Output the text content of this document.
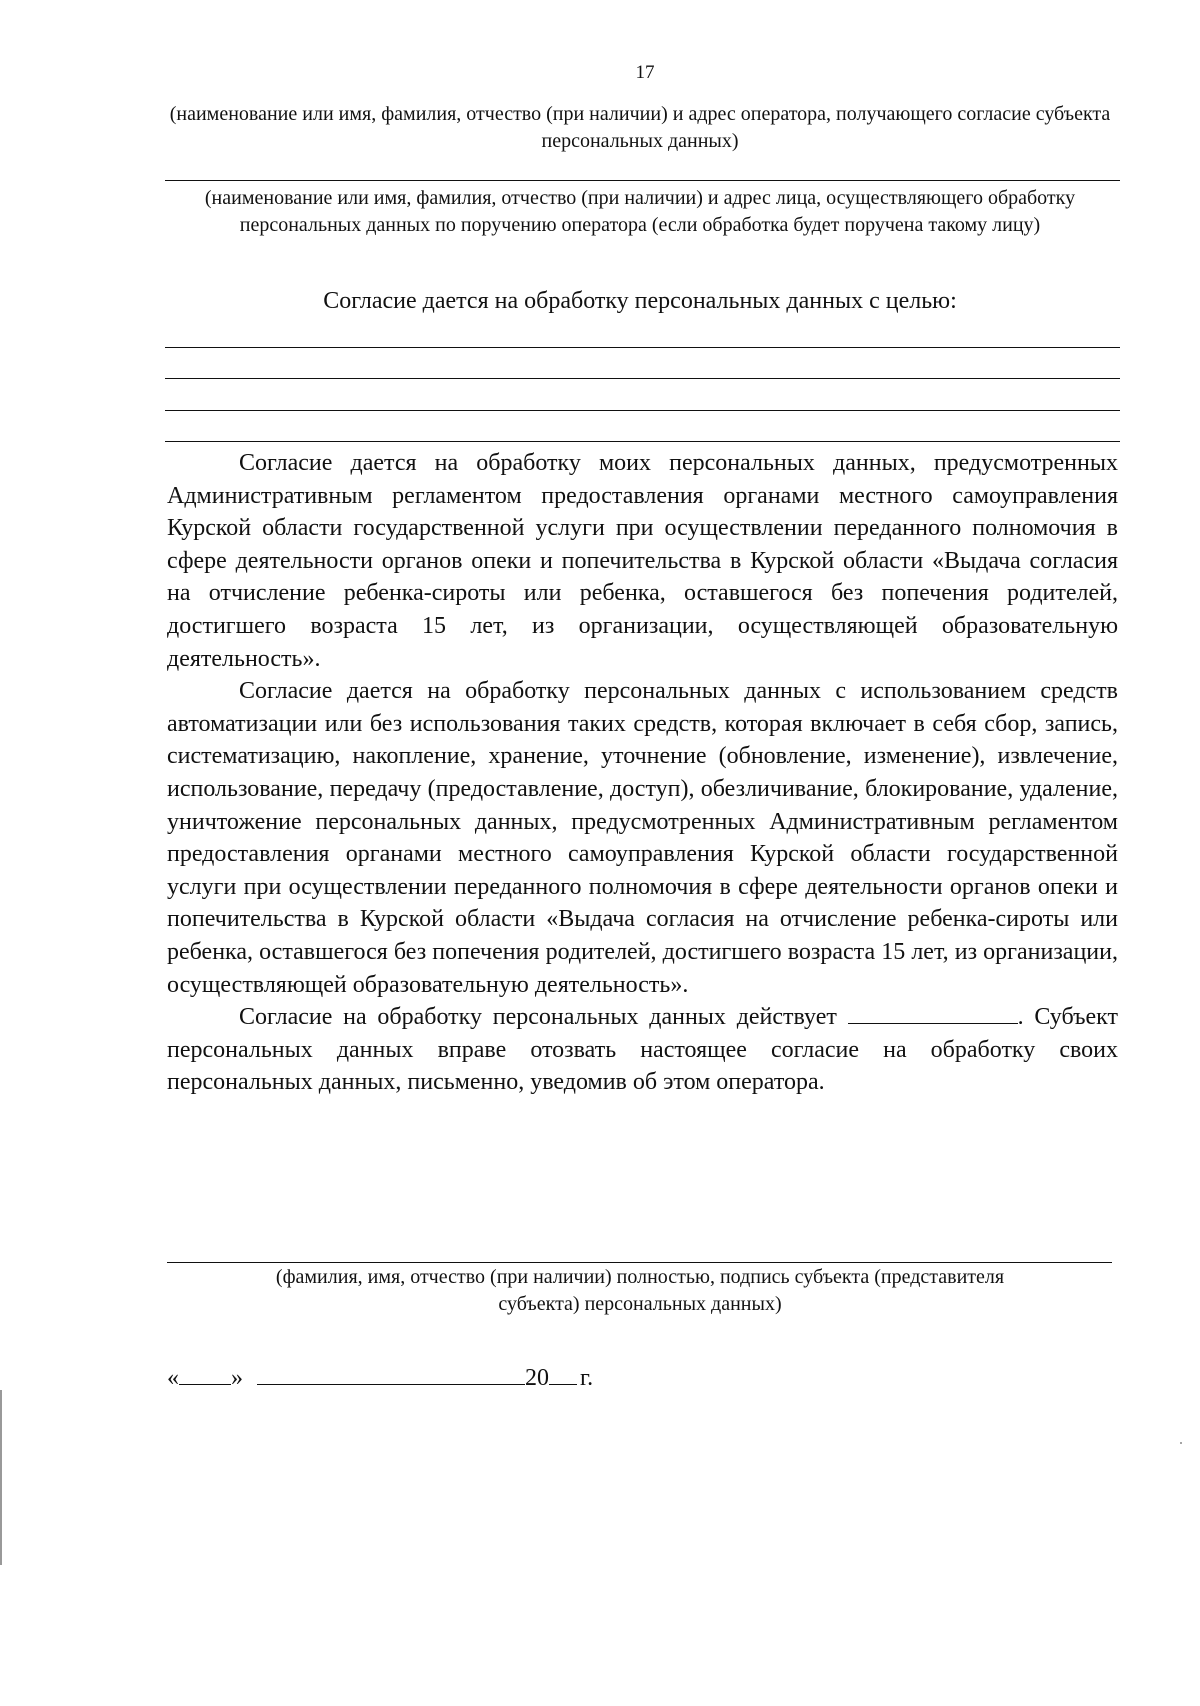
17
(наименование или имя, фамилия, отчество (при наличии) и адрес оператора, получающего согласие субъекта персональных данных)
(наименование или имя, фамилия, отчество (при наличии) и адрес лица, осуществляющего обработку персональных данных по поручению оператора (если обработка будет поручена такому лицу)
Согласие дается на обработку персональных данных с целью:

Согласие дается на обработку моих персональных данных, предусмотренных Административным регламентом предоставления органами местного самоуправления Курской области государственной услуги при осуществлении переданного полномочия в сфере деятельности органов опеки и попечительства в Курской области «Выдача согласия на отчисление ребенка-сироты или ребенка, оставшегося без попечения родителей, достигшего возраста 15 лет, из организации, осуществляющей образовательную деятельность».

Согласие дается на обработку персональных данных с использованием средств автоматизации или без использования таких средств, которая включает в себя сбор, запись, систематизацию, накопление, хранение, уточнение (обновление, изменение), извлечение, использование, передачу (предоставление, доступ), обезличивание, блокирование, удаление, уничтожение персональных данных, предусмотренных Административным регламентом предоставления органами местного самоуправления Курской области государственной услуги при осуществлении переданного полномочия в сфере деятельности органов опеки и попечительства в Курской области «Выдача согласия на отчисление ребенка-сироты или ребенка, оставшегося без попечения родителей, достигшего возраста 15 лет, из организации, осуществляющей образовательную деятельность».

Согласие на обработку персональных данных действует	. Субъект персональных данных вправе отозвать настоящее согласие на обработку своих персональных данных, письменно, уведомив об этом оператора.

(фамилия, имя, отчество (при наличии) полностью, подпись субъекта (представителя субъекта) персональных данных)
« »	20 г.
